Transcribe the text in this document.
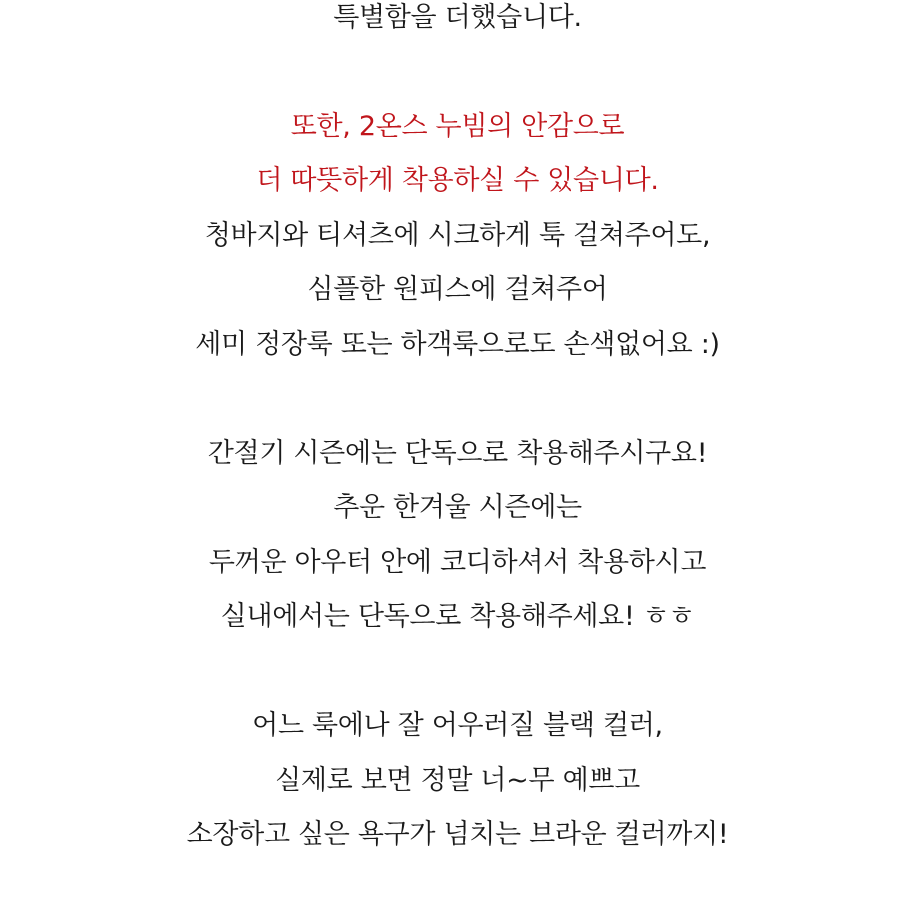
특별함을 더했습니다.
또한, 2온스 누빔의 안감으로
더 따뜻하게 착용하실 수 있습니다.
청바지와 티셔츠에 시크하게 툭 걸쳐주어도,
심플한 원피스에 걸쳐주어
세미 정장룩 또는 하객룩으로도 손색없어요 :)
간절기 시즌에는 단독으로 착용해주시구요!
추운 한겨울 시즌에는
두꺼운 아우터 안에 코디하셔서 착용하시고
실내에서는 단독으로 착용해주세요! ㅎㅎ
어느 룩에나 잘 어우러질 블랙 컬러,
실제로 보면 정말 너~무 예쁘고
소장하고 싶은 욕구가 넘치는 브라운 컬러까지!
